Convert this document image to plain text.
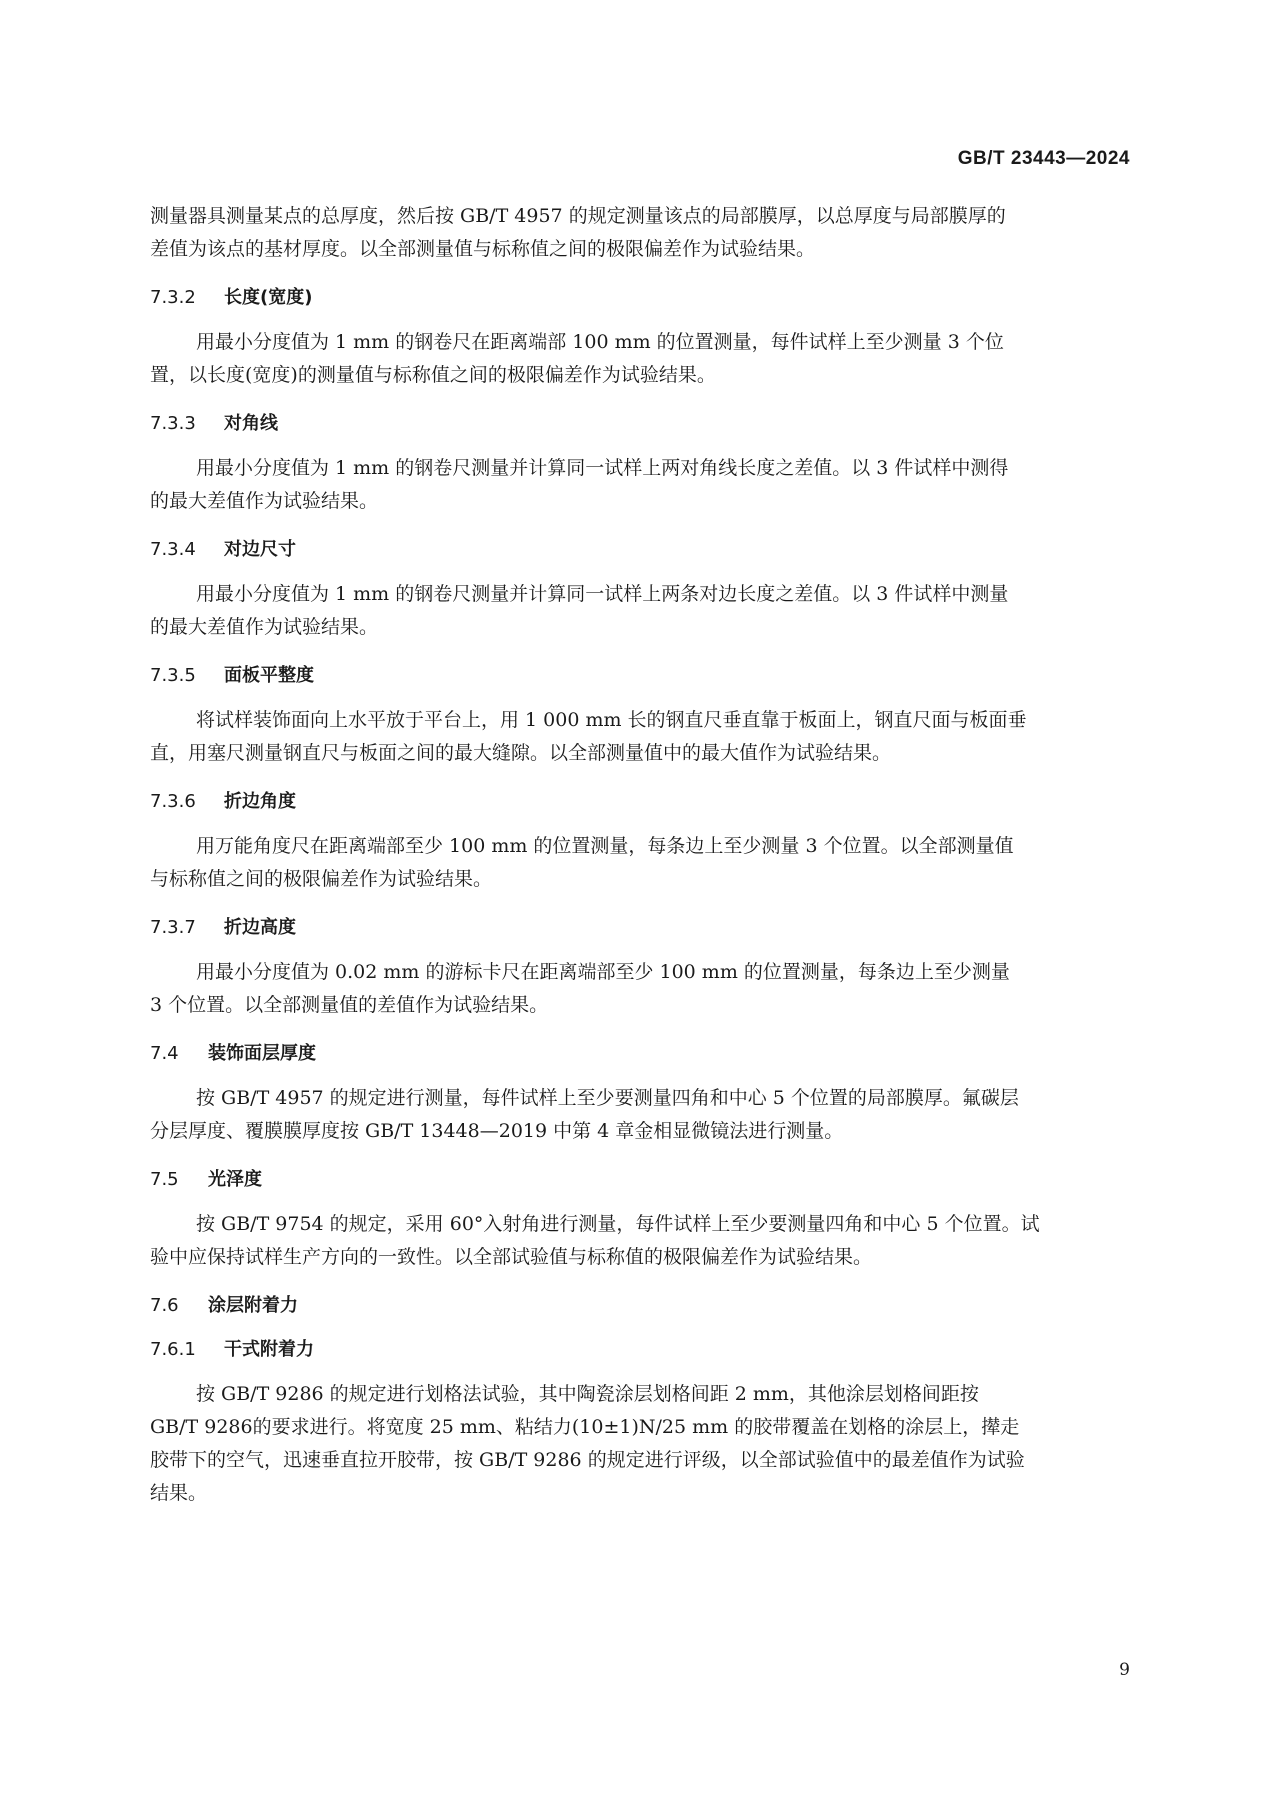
GB/T 23443—2024
测量器具测量某点的总厚度，然后按 GB/T 4957 的规定测量该点的局部膜厚，以总厚度与局部膜厚的
差值为该点的基材厚度。以全部测量值与标称值之间的极限偏差作为试验结果。
7.3.2 长度(宽度)
用最小分度值为 1 mm 的钢卷尺在距离端部 100 mm 的位置测量，每件试样上至少测量 3 个位
置，以长度(宽度)的测量值与标称值之间的极限偏差作为试验结果。
7.3.3 对角线
用最小分度值为 1 mm 的钢卷尺测量并计算同一试样上两对角线长度之差值。以 3 件试样中测得
的最大差值作为试验结果。
7.3.4 对边尺寸
用最小分度值为 1 mm 的钢卷尺测量并计算同一试样上两条对边长度之差值。以 3 件试样中测量
的最大差值作为试验结果。
7.3.5 面板平整度
将试样装饰面向上水平放于平台上，用 1 000 mm 长的钢直尺垂直靠于板面上，钢直尺面与板面垂
直，用塞尺测量钢直尺与板面之间的最大缝隙。以全部测量值中的最大值作为试验结果。
7.3.6 折边角度
用万能角度尺在距离端部至少 100 mm 的位置测量，每条边上至少测量 3 个位置。以全部测量值
与标称值之间的极限偏差作为试验结果。
7.3.7 折边高度
用最小分度值为 0.02 mm 的游标卡尺在距离端部至少 100 mm 的位置测量，每条边上至少测量
3 个位置。以全部测量值的差值作为试验结果。
7.4 装饰面层厚度
按 GB/T 4957 的规定进行测量，每件试样上至少要测量四角和中心 5 个位置的局部膜厚。氟碳层
分层厚度、覆膜膜厚度按 GB/T 13448—2019 中第 4 章金相显微镜法进行测量。
7.5 光泽度
按 GB/T 9754 的规定，采用 60°入射角进行测量，每件试样上至少要测量四角和中心 5 个位置。试
验中应保持试样生产方向的一致性。以全部试验值与标称值的极限偏差作为试验结果。
7.6 涂层附着力
7.6.1 干式附着力
按 GB/T 9286 的规定进行划格法试验，其中陶瓷涂层划格间距 2 mm，其他涂层划格间距按
GB/T 9286的要求进行。将宽度 25 mm、粘结力(10±1)N/25 mm 的胶带覆盖在划格的涂层上，撵走
胶带下的空气，迅速垂直拉开胶带，按 GB/T 9286 的规定进行评级，以全部试验值中的最差值作为试验
结果。
9
